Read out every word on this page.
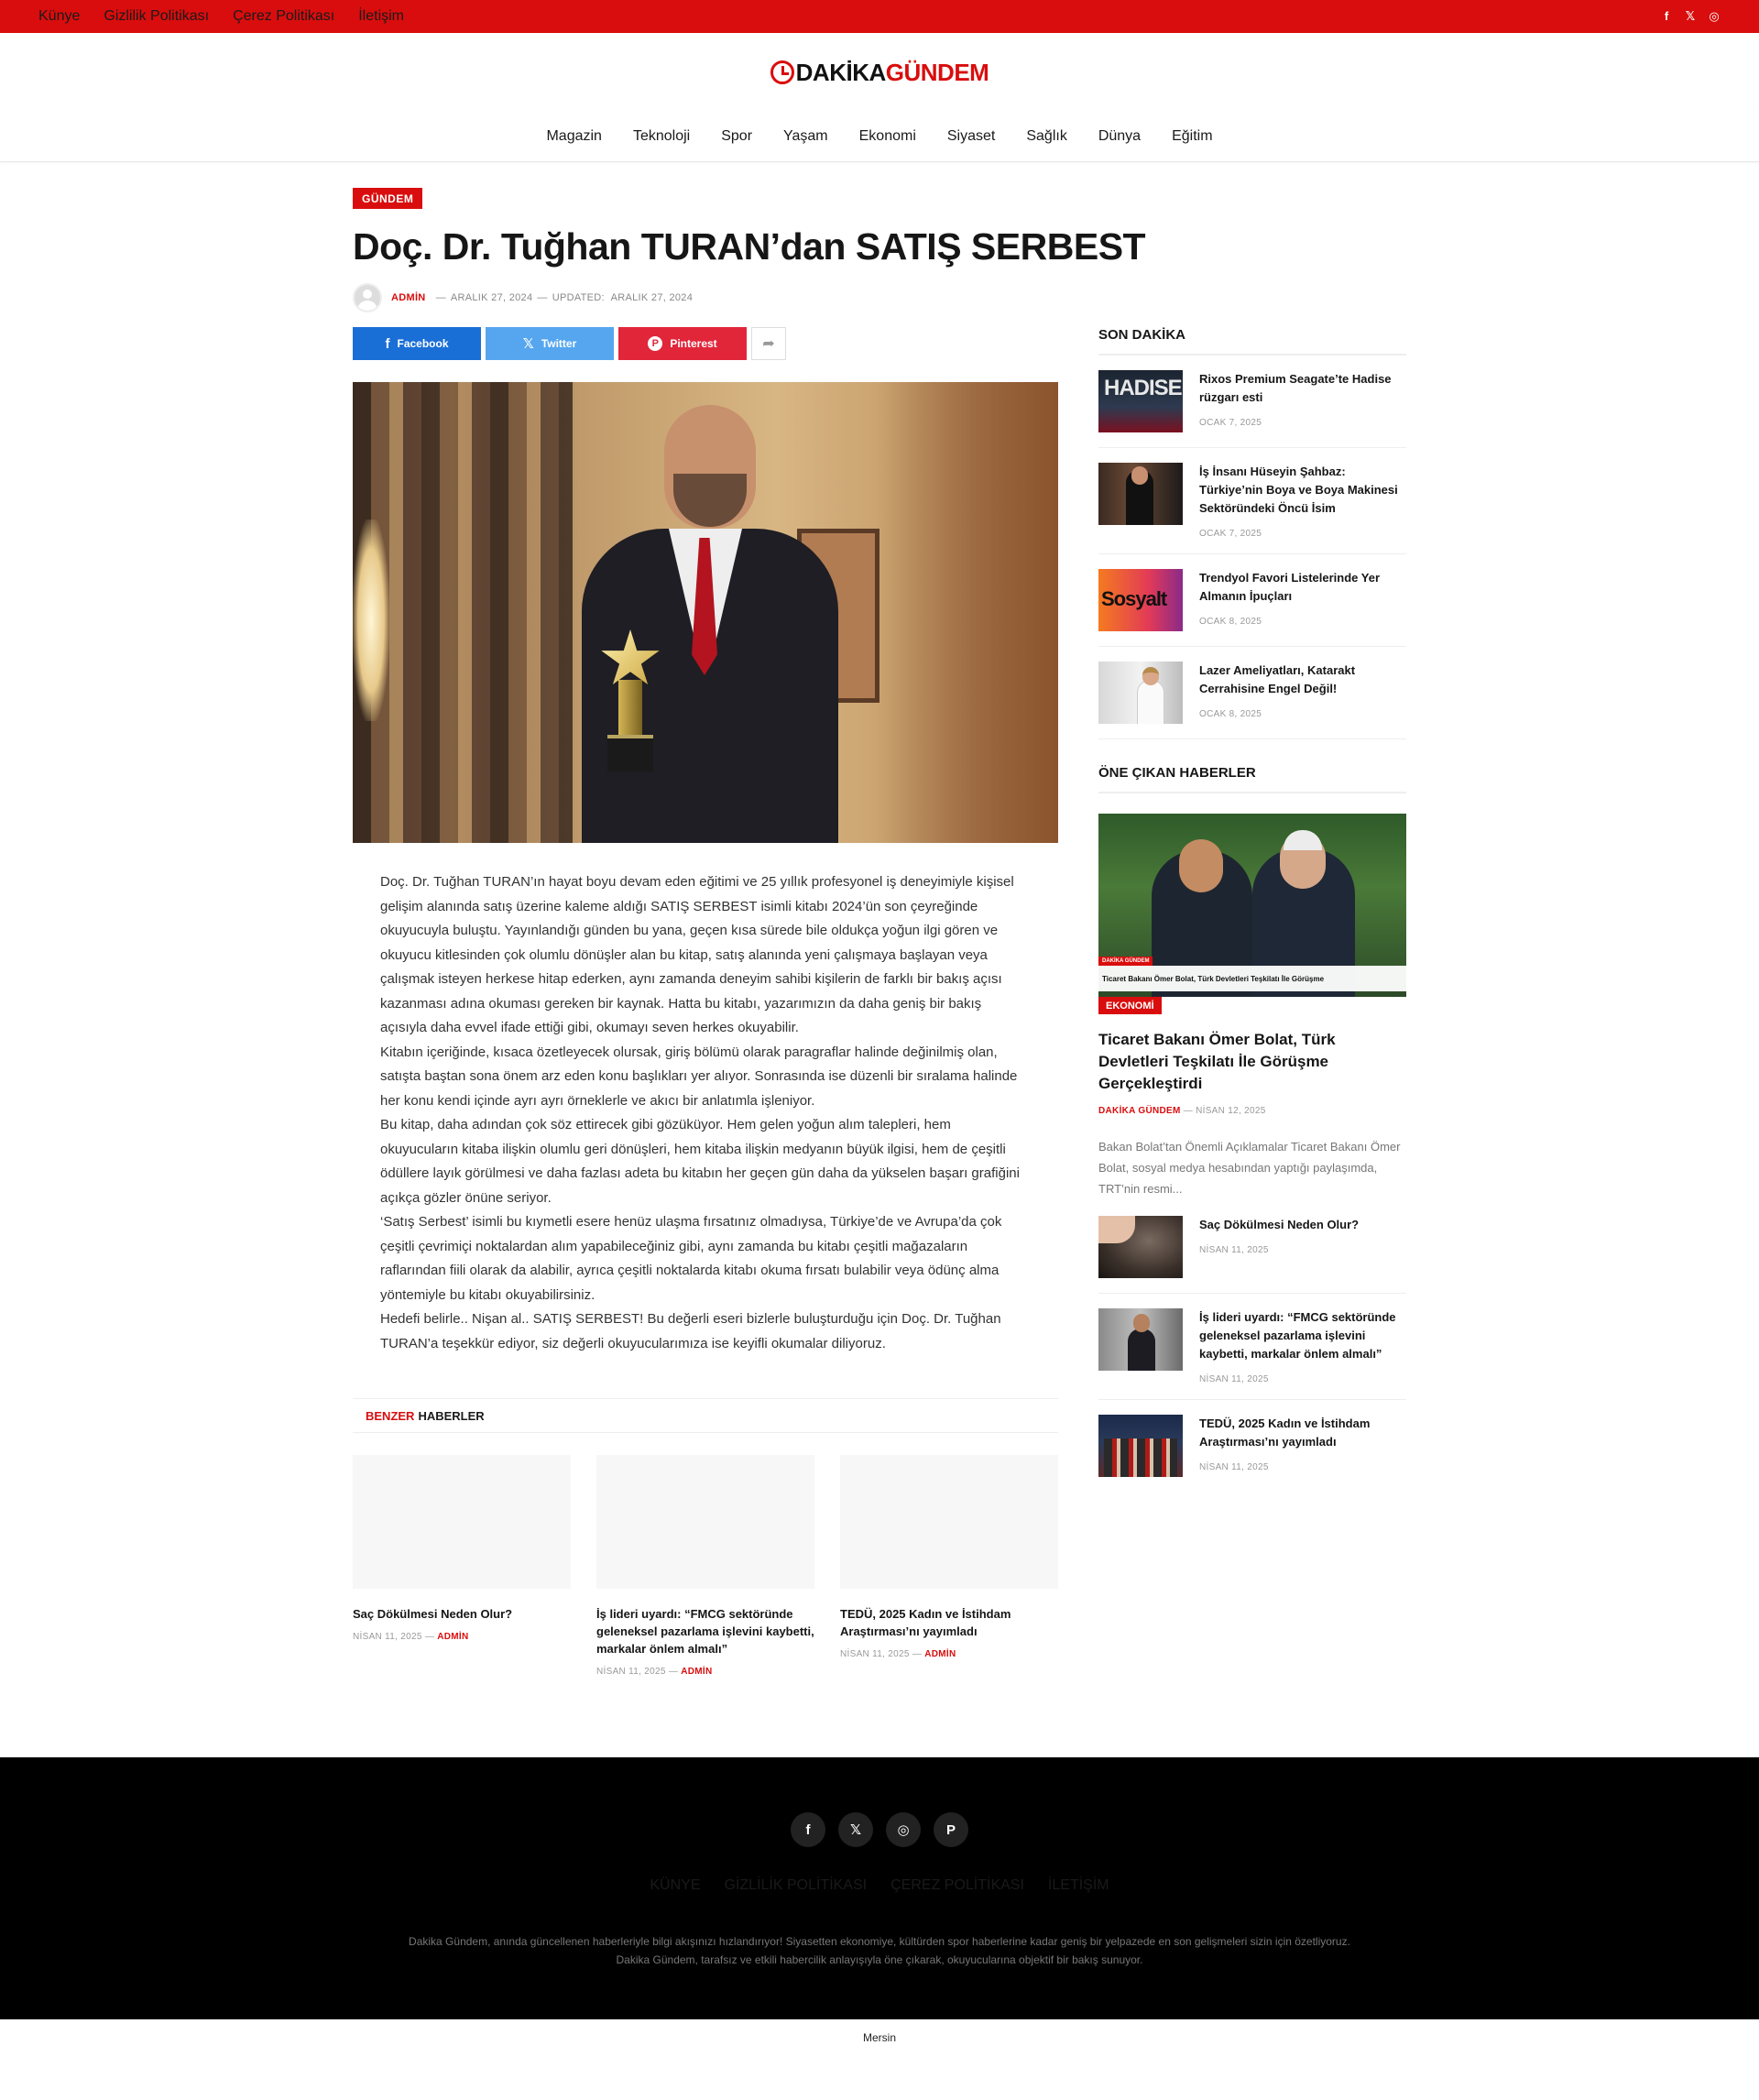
Künye Gizlilik Politikası Çerez Politikası İletişim	f	𝕏 ◎
DAKİKA GÜNDEM
Magazin Teknoloji Spor Yaşam Ekonomi Siyaset Sağlık Dünya Eğitim
GÜNDEM
Doç. Dr. Tuğhan TURAN’dan SATIŞ SERBEST
ADMİN — ARALIK 27, 2024 — UPDATED:
ARALIK 27, 2024
f Facebook	𝕏 Twitter	P	Pinterest	➦

Doç. Dr. Tuğhan TURAN’ın hayat boyu devam eden eğitimi ve 25 yıllık profesyonel iş deneyimiyle kişisel gelişim alanında satış üzerine kaleme aldığı SATIŞ SERBEST isimli kitabı 2024’ün son çeyreğinde okuyucuyla buluştu. Yayınlandığı günden bu yana, geçen kısa sürede bile oldukça yoğun ilgi gören ve okuyucu kitlesinden çok olumlu dönüşler alan bu kitap, satış alanında yeni çalışmaya başlayan veya çalışmak isteyen herkese hitap ederken, aynı zamanda deneyim sahibi kişilerin de farklı bir bakış açısı kazanması adına okuması gereken bir kaynak. Hatta bu kitabı, yazarımızın da daha geniş bir bakış açısıyla daha evvel ifade ettiği gibi, okumayı seven herkes okuyabilir.

Kitabın içeriğinde, kısaca özetleyecek olursak, giriş bölümü olarak paragraflar halinde değinilmiş olan, satışta baştan sona önem arz eden konu başlıkları yer alıyor. Sonrasında ise düzenli bir sıralama halinde her konu kendi içinde ayrı ayrı örneklerle ve akıcı bir anlatımla işleniyor.

Bu kitap, daha adından çok söz ettirecek gibi gözüküyor. Hem gelen yoğun alım talepleri, hem okuyucuların kitaba ilişkin olumlu geri dönüşleri, hem kitaba ilişkin medyanın büyük ilgisi, hem de çeşitli ödüllere layık görülmesi ve daha fazlası adeta bu kitabın her geçen gün daha da yükselen başarı grafiğini açıkça gözler önüne seriyor.

‘Satış Serbest’ isimli bu kıymetli esere henüz ulaşma fırsatınız olmadıysa, Türkiye’de ve Avrupa’da çok çeşitli çevrimiçi noktalardan alım yapabileceğiniz gibi, aynı zamanda bu kitabı çeşitli mağazaların raflarından fiili olarak da alabilir, ayrıca çeşitli noktalarda kitabı okuma fırsatı bulabilir veya ödünç alma yöntemiyle bu kitabı okuyabilirsiniz.

Hedefi belirle.. Nişan al.. SATIŞ SERBEST! Bu değerli eseri bizlerle buluşturduğu için Doç. Dr. Tuğhan TURAN’a teşekkür ediyor, siz değerli okuyucularımıza ise keyifli okumalar diliyoruz.

BENZER HABERLER
Saç Dökülmesi Neden Olur?
NİSAN 11, 2025 — ADMİN
İş lideri uyardı: “FMCG sektöründe geleneksel pazarlama işlevini kaybetti, markalar önlem almalı”
NİSAN 11, 2025 — ADMİN
TEDÜ, 2025 Kadın ve İstihdam Araştırması’nı yayımladı
NİSAN 11, 2025 — ADMİN
SON DAKİKA
HADISE Rixos Premium Seagate’te Hadise rüzgarı esti
OCAK 7, 2025
İş İnsanı Hüseyin Şahbaz: Türkiye’nin Boya ve Boya Makinesi Sektöründeki Öncü İsim
OCAK 7, 2025
Sosyalt
Trendyol Favori Listelerinde Yer Almanın İpuçları
OCAK 8, 2025
Lazer Ameliyatları, Katarakt Cerrahisine Engel Değil!
OCAK 8, 2025
ÖNE ÇIKAN HABERLER
DAKİKA GÜNDEM
Ticaret Bakanı Ömer Bolat, Türk Devletleri Teşkilatı İle Görüşme
EKONOMİ
Ticaret Bakanı Ömer Bolat, Türk Devletleri Teşkilatı İle Görüşme Gerçekleştirdi
DAKİKA GÜNDEM — NİSAN 12, 2025

Bakan Bolat’tan Önemli Açıklamalar Ticaret Bakanı Ömer Bolat, sosyal medya hesabından yaptığı paylaşımda, TRT’nin resmi...

Saç Dökülmesi Neden Olur?
NİSAN 11, 2025
İş lideri uyardı: “FMCG sektöründe geleneksel pazarlama işlevini kaybetti, markalar önlem almalı”
NİSAN 11, 2025
TEDÜ, 2025 Kadın ve İstihdam Araştırması’nı yayımladı
NİSAN 11, 2025
f	𝕏	◎	P
KÜNYE GİZLİLİK POLİTİKASI ÇEREZ POLİTİKASI İLETİŞİM
Dakika Gündem, anında güncellenen haberleriyle bilgi akışınızı hızlandırıyor! Siyasetten ekonomiye, kültürden spor haberlerine kadar geniş bir yelpazede en son gelişmeleri sizin için özetliyoruz.
Dakika Gündem, tarafsız ve etkili habercilik anlayışıyla öne çıkarak, okuyucularına objektif bir bakış sunuyor.
Mersin
